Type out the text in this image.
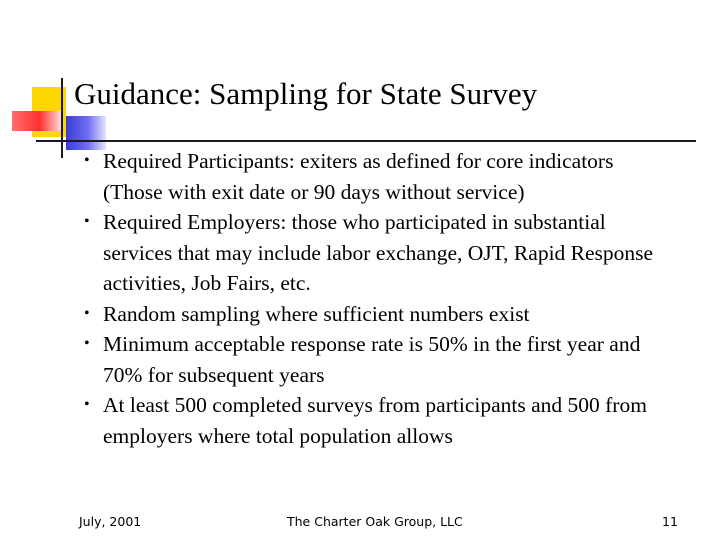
Guidance: Sampling for State Survey
• Required Participants: exiters as defined for core indicators (Those with exit date or 90 days without service)
• Required Employers: those who participated in substantial services that may include labor exchange, OJT, Rapid Response activities, Job Fairs, etc.
• Random sampling where sufficient numbers exist
• Minimum acceptable response rate is 50% in the first year and 70% for subsequent years
• At least 500 completed surveys from participants and 500 from employers where total population allows
July, 2001	The Charter Oak Group, LLC	11
